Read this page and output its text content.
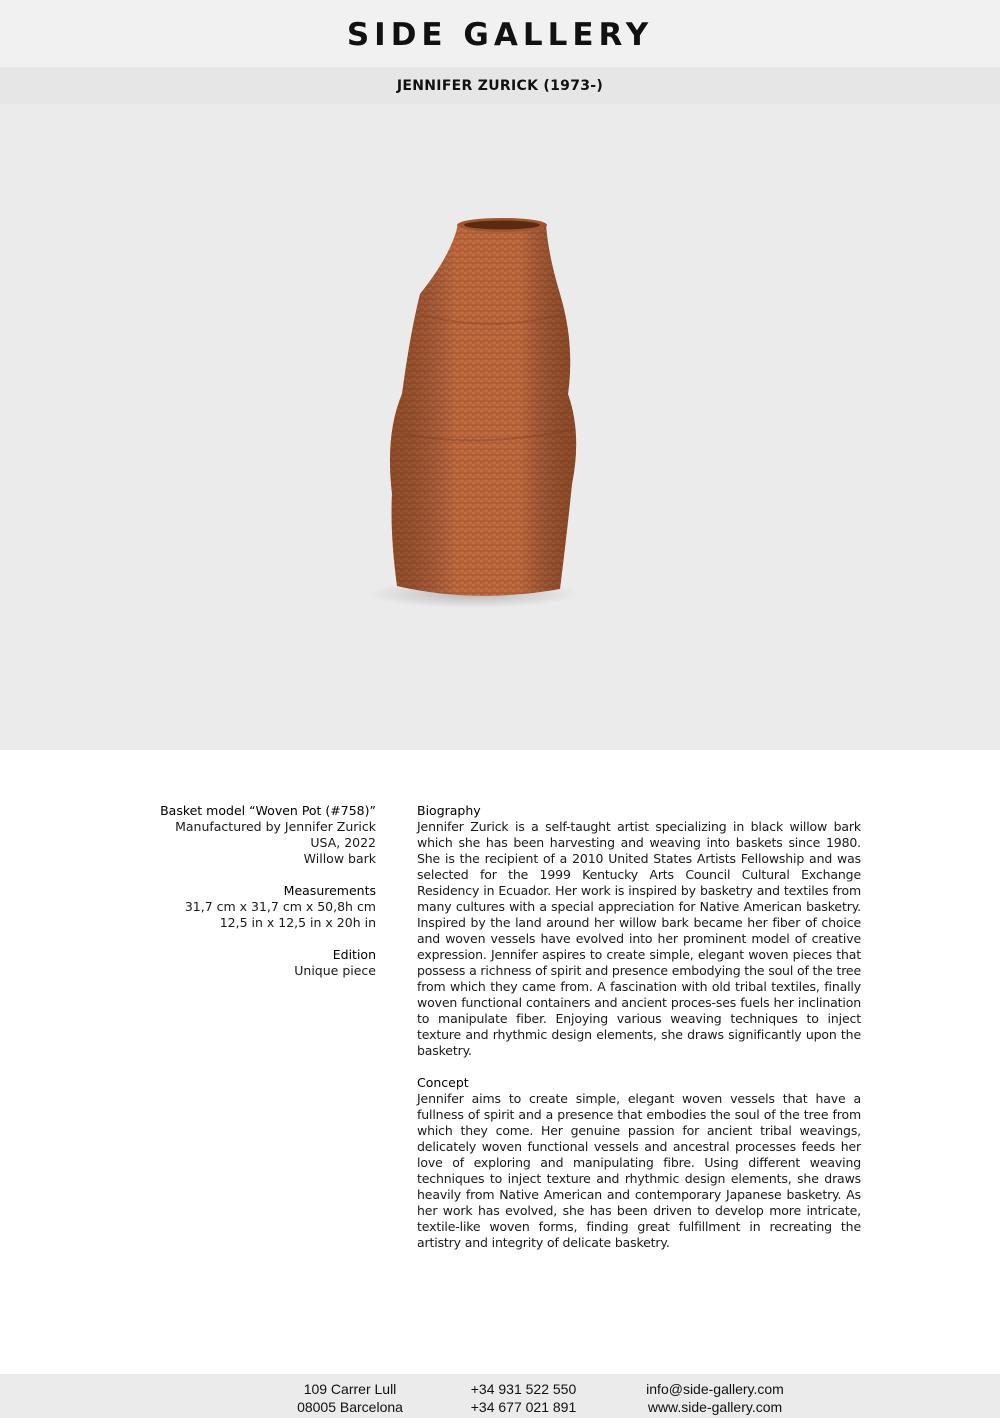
SIDE GALLERY
JENNIFER ZURICK (1973-)
Basket model “Woven Pot (#758)”
Manufactured by Jennifer Zurick
USA, 2022
Willow bark
Measurements
31,7 cm x 31,7 cm x 50,8h cm
12,5 in x 12,5 in x 20h in
Edition
Unique piece
Biography
Jennifer Zurick is a self-taught artist specializing in black willow bark which she has been harvesting and weaving into baskets since 1980. She is the recipient of a 2010 United States Artists Fellowship and was selected for the 1999 Kentucky Arts Council Cultural Exchange Residency in Ecuador. Her work is inspired by basketry and textiles from many cultures with a special appreciation for Native American basketry. Inspired by the land around her willow bark became her fiber of choice and woven vessels have evolved into her prominent model of creative expression. Jennifer aspires to create simple, elegant woven pieces that possess a richness of spirit and presence embodying the soul of the tree from which they came from. A fascination with old tribal textiles, finally woven functional containers and ancient proces-ses fuels her inclination to manipulate fiber. Enjoying various weaving techniques to inject texture and rhythmic design elements, she draws significantly upon the basketry.
Concept
Jennifer aims to create simple, elegant woven vessels that have a fullness of spirit and a presence that embodies the soul of the tree from which they come. Her genuine passion for ancient tribal weavings, delicately woven functional vessels and ancestral processes feeds her love of exploring and manipulating fibre. Using different weaving techniques to inject texture and rhythmic design elements, she draws heavily from Native American and contemporary Japanese basketry. As her work has evolved, she has been driven to develop more intricate, textile-like woven forms, finding great fulfillment in recreating the artistry and integrity of delicate basketry.
109 Carrer Lull
08005 Barcelona
+34 931 522 550
+34 677 021 891
info@side-gallery.com
www.side-gallery.com
